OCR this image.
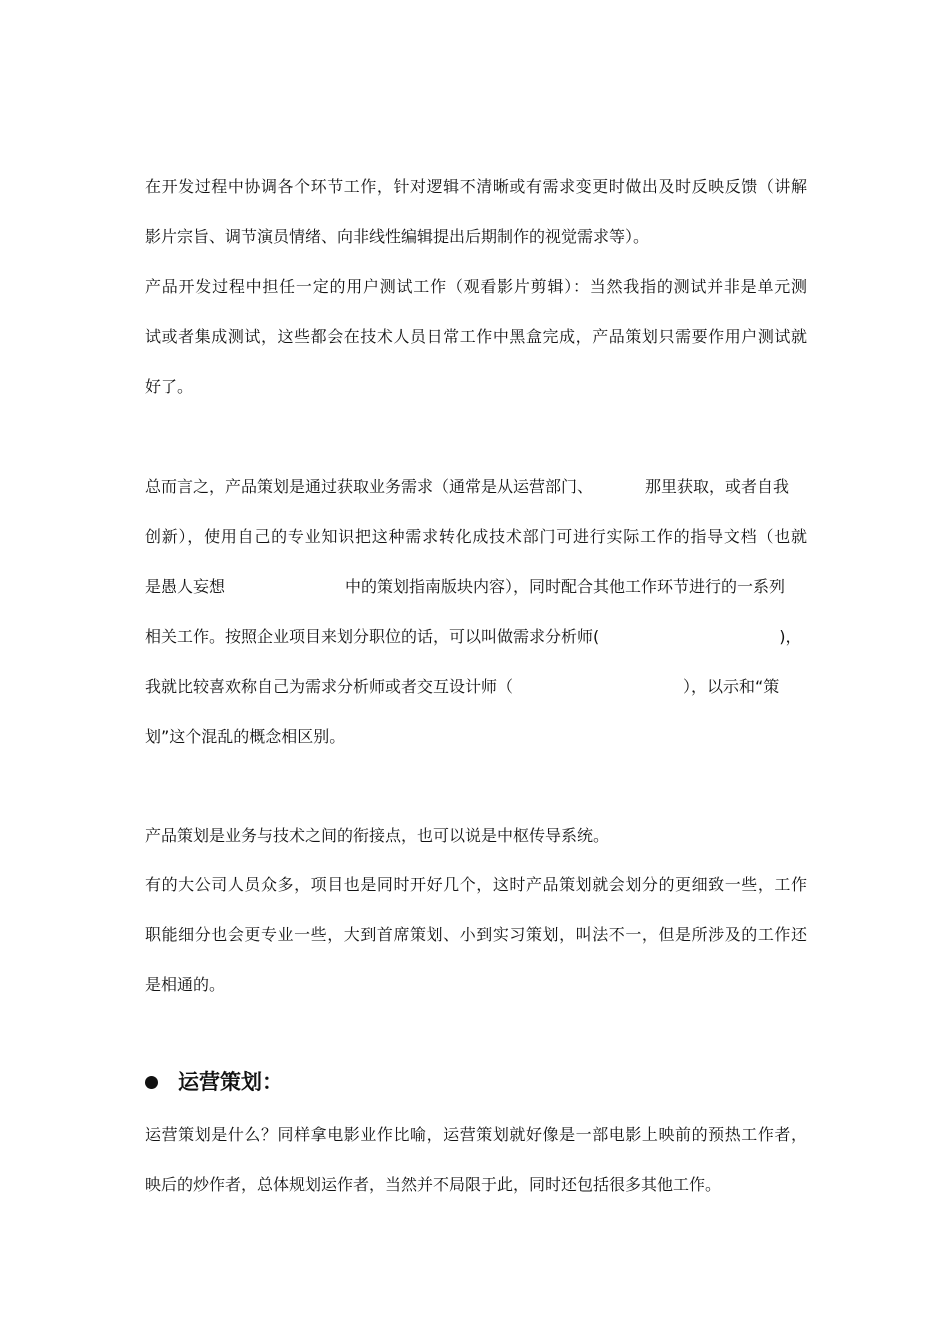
在开发过程中协调各个环节工作，针对逻辑不清晰或有需求变更时做出及时反映反馈（讲解
影片宗旨、调节演员情绪、向非线性编辑提出后期制作的视觉需求等）。
产品开发过程中担任一定的用户测试工作（观看影片剪辑）：当然我指的测试并非是单元测
试或者集成测试，这些都会在技术人员日常工作中黑盒完成，产品策划只需要作用户测试就
好了。
总而言之，产品策划是通过获取业务需求（通常是从运营部门、	那里获取，或者自我
创新），使用自己的专业知识把这种需求转化成技术部门可进行实际工作的指导文档（也就
是愚人妄想	中的策划指南版块内容），同时配合其他工作环节进行的一系列
相关工作。按照企业项目来划分职位的话，可以叫做需求分析师(	)，
我就比较喜欢称自己为需求分析师或者交互设计师（	），以示和“策
划”这个混乱的概念相区别。
产品策划是业务与技术之间的衔接点，也可以说是中枢传导系统。
有的大公司人员众多，项目也是同时开好几个，这时产品策划就会划分的更细致一些，工作
职能细分也会更专业一些，大到首席策划、小到实习策划，叫法不一，但是所涉及的工作还
是相通的。
运营策划：
运营策划是什么？同样拿电影业作比喻，运营策划就好像是一部电影上映前的预热工作者，
映后的炒作者，总体规划运作者，当然并不局限于此，同时还包括很多其他工作。
